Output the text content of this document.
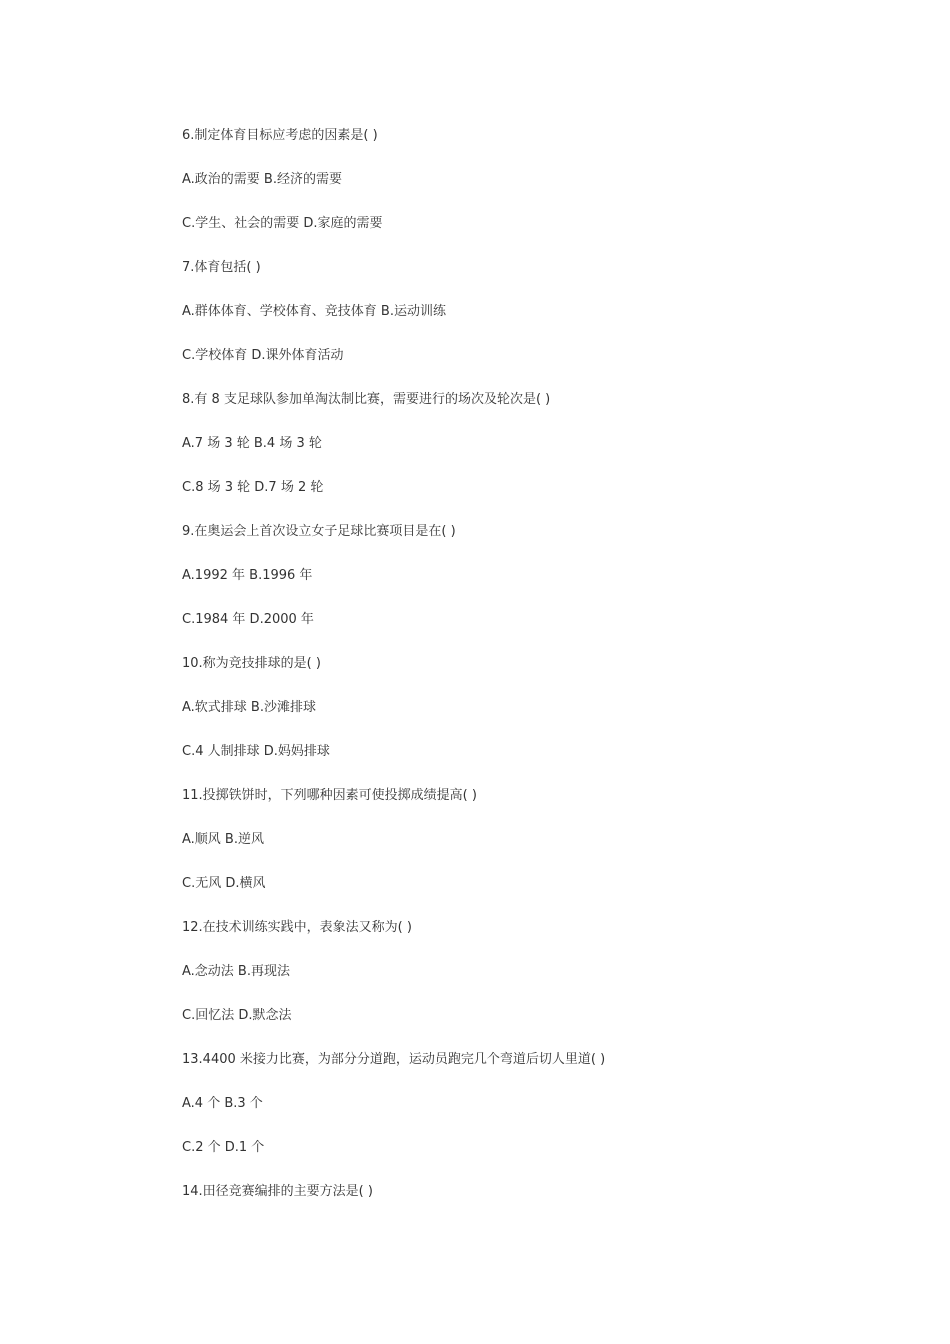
6.制定体育目标应考虑的因素是( )
A.政治的需要 B.经济的需要
C.学生、社会的需要 D.家庭的需要
7.体育包括( )
A.群体体育、学校体育、竞技体育 B.运动训练
C.学校体育 D.课外体育活动
8.有 8 支足球队参加单淘汰制比赛，需要进行的场次及轮次是( )
A.7 场 3 轮 B.4 场 3 轮
C.8 场 3 轮 D.7 场 2 轮
9.在奥运会上首次设立女子足球比赛项目是在( )
A.1992 年 B.1996 年
C.1984 年 D.2000 年
10.称为竞技排球的是( )
A.软式排球 B.沙滩排球
C.4 人制排球 D.妈妈排球
11.投掷铁饼时，下列哪种因素可使投掷成绩提高( )
A.顺风 B.逆风
C.无风 D.横风
12.在技术训练实践中，表象法又称为( )
A.念动法 B.再现法
C.回忆法 D.默念法
13.4400 米接力比赛，为部分分道跑，运动员跑完几个弯道后切人里道( )
A.4 个 B.3 个
C.2 个 D.1 个
14.田径竞赛编排的主要方法是( )
